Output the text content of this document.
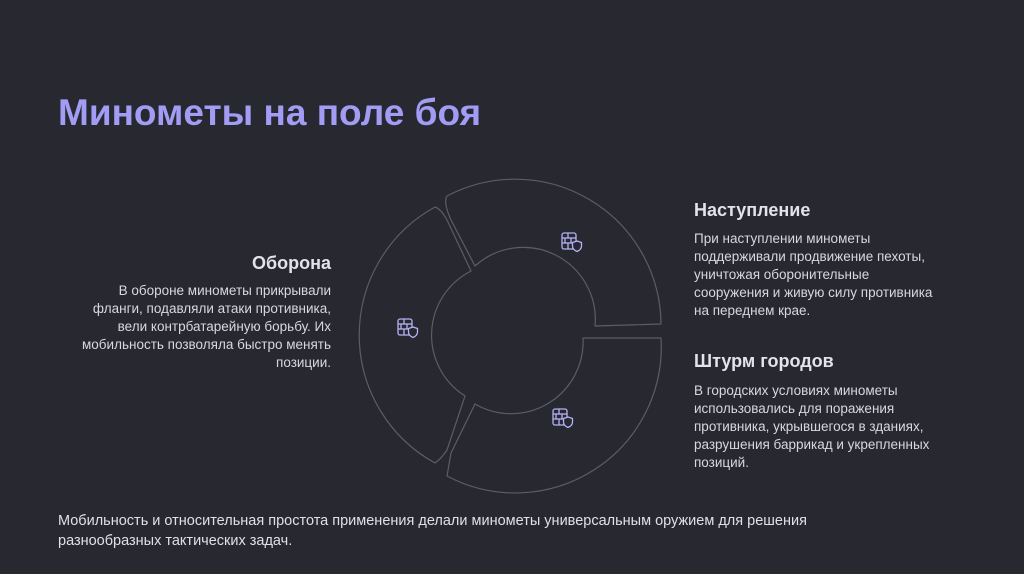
Минометы на поле боя
Оборона

В обороне минометы прикрывали фланги, подавляли атаки противника, вели контрбатарейную борьбу. Их мобильность позволяла быстро менять позиции.

Наступление

При наступлении минометы поддерживали продвижение пехоты, уничтожая оборонительные сооружения и живую силу противника на переднем крае.

Штурм городов

В городских условиях минометы использовались для поражения противника, укрывшегося в зданиях, разрушения баррикад и укрепленных позиций.

Мобильность и относительная простота применения делали минометы универсальным оружием для решения разнообразных тактических задач.
